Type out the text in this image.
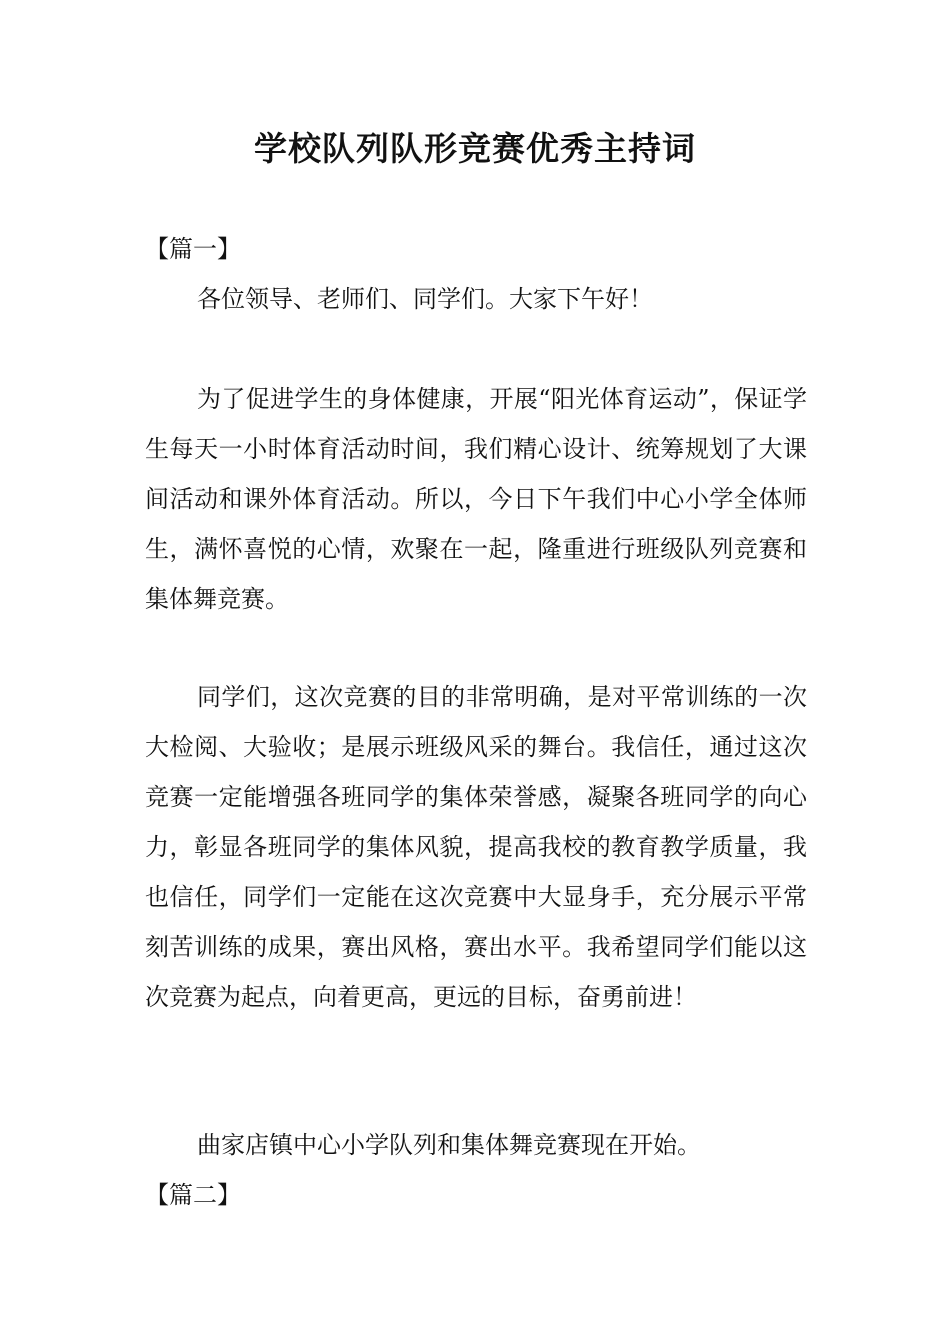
学校队列队形竞赛优秀主持词
【篇一】
各位领导、老师们、同学们。大家下午好！
为了促进学生的身体健康，开展“阳光体育运动”，保证学生每天一小时体育活动时间，我们精心设计、统筹规划了大课间活动和课外体育活动。所以，今日下午我们中心小学全体师生，满怀喜悦的心情，欢聚在一起，隆重进行班级队列竞赛和集体舞竞赛。
同学们，这次竞赛的目的非常明确，是对平常训练的一次大检阅、大验收；是展示班级风采的舞台。我信任，通过这次竞赛一定能增强各班同学的集体荣誉感，凝聚各班同学的向心力，彰显各班同学的集体风貌，提高我校的教育教学质量，我也信任，同学们一定能在这次竞赛中大显身手，充分展示平常刻苦训练的成果，赛出风格，赛出水平。我希望同学们能以这次竞赛为起点，向着更高，更远的目标，奋勇前进！
曲家店镇中心小学队列和集体舞竞赛现在开始。
【篇二】
